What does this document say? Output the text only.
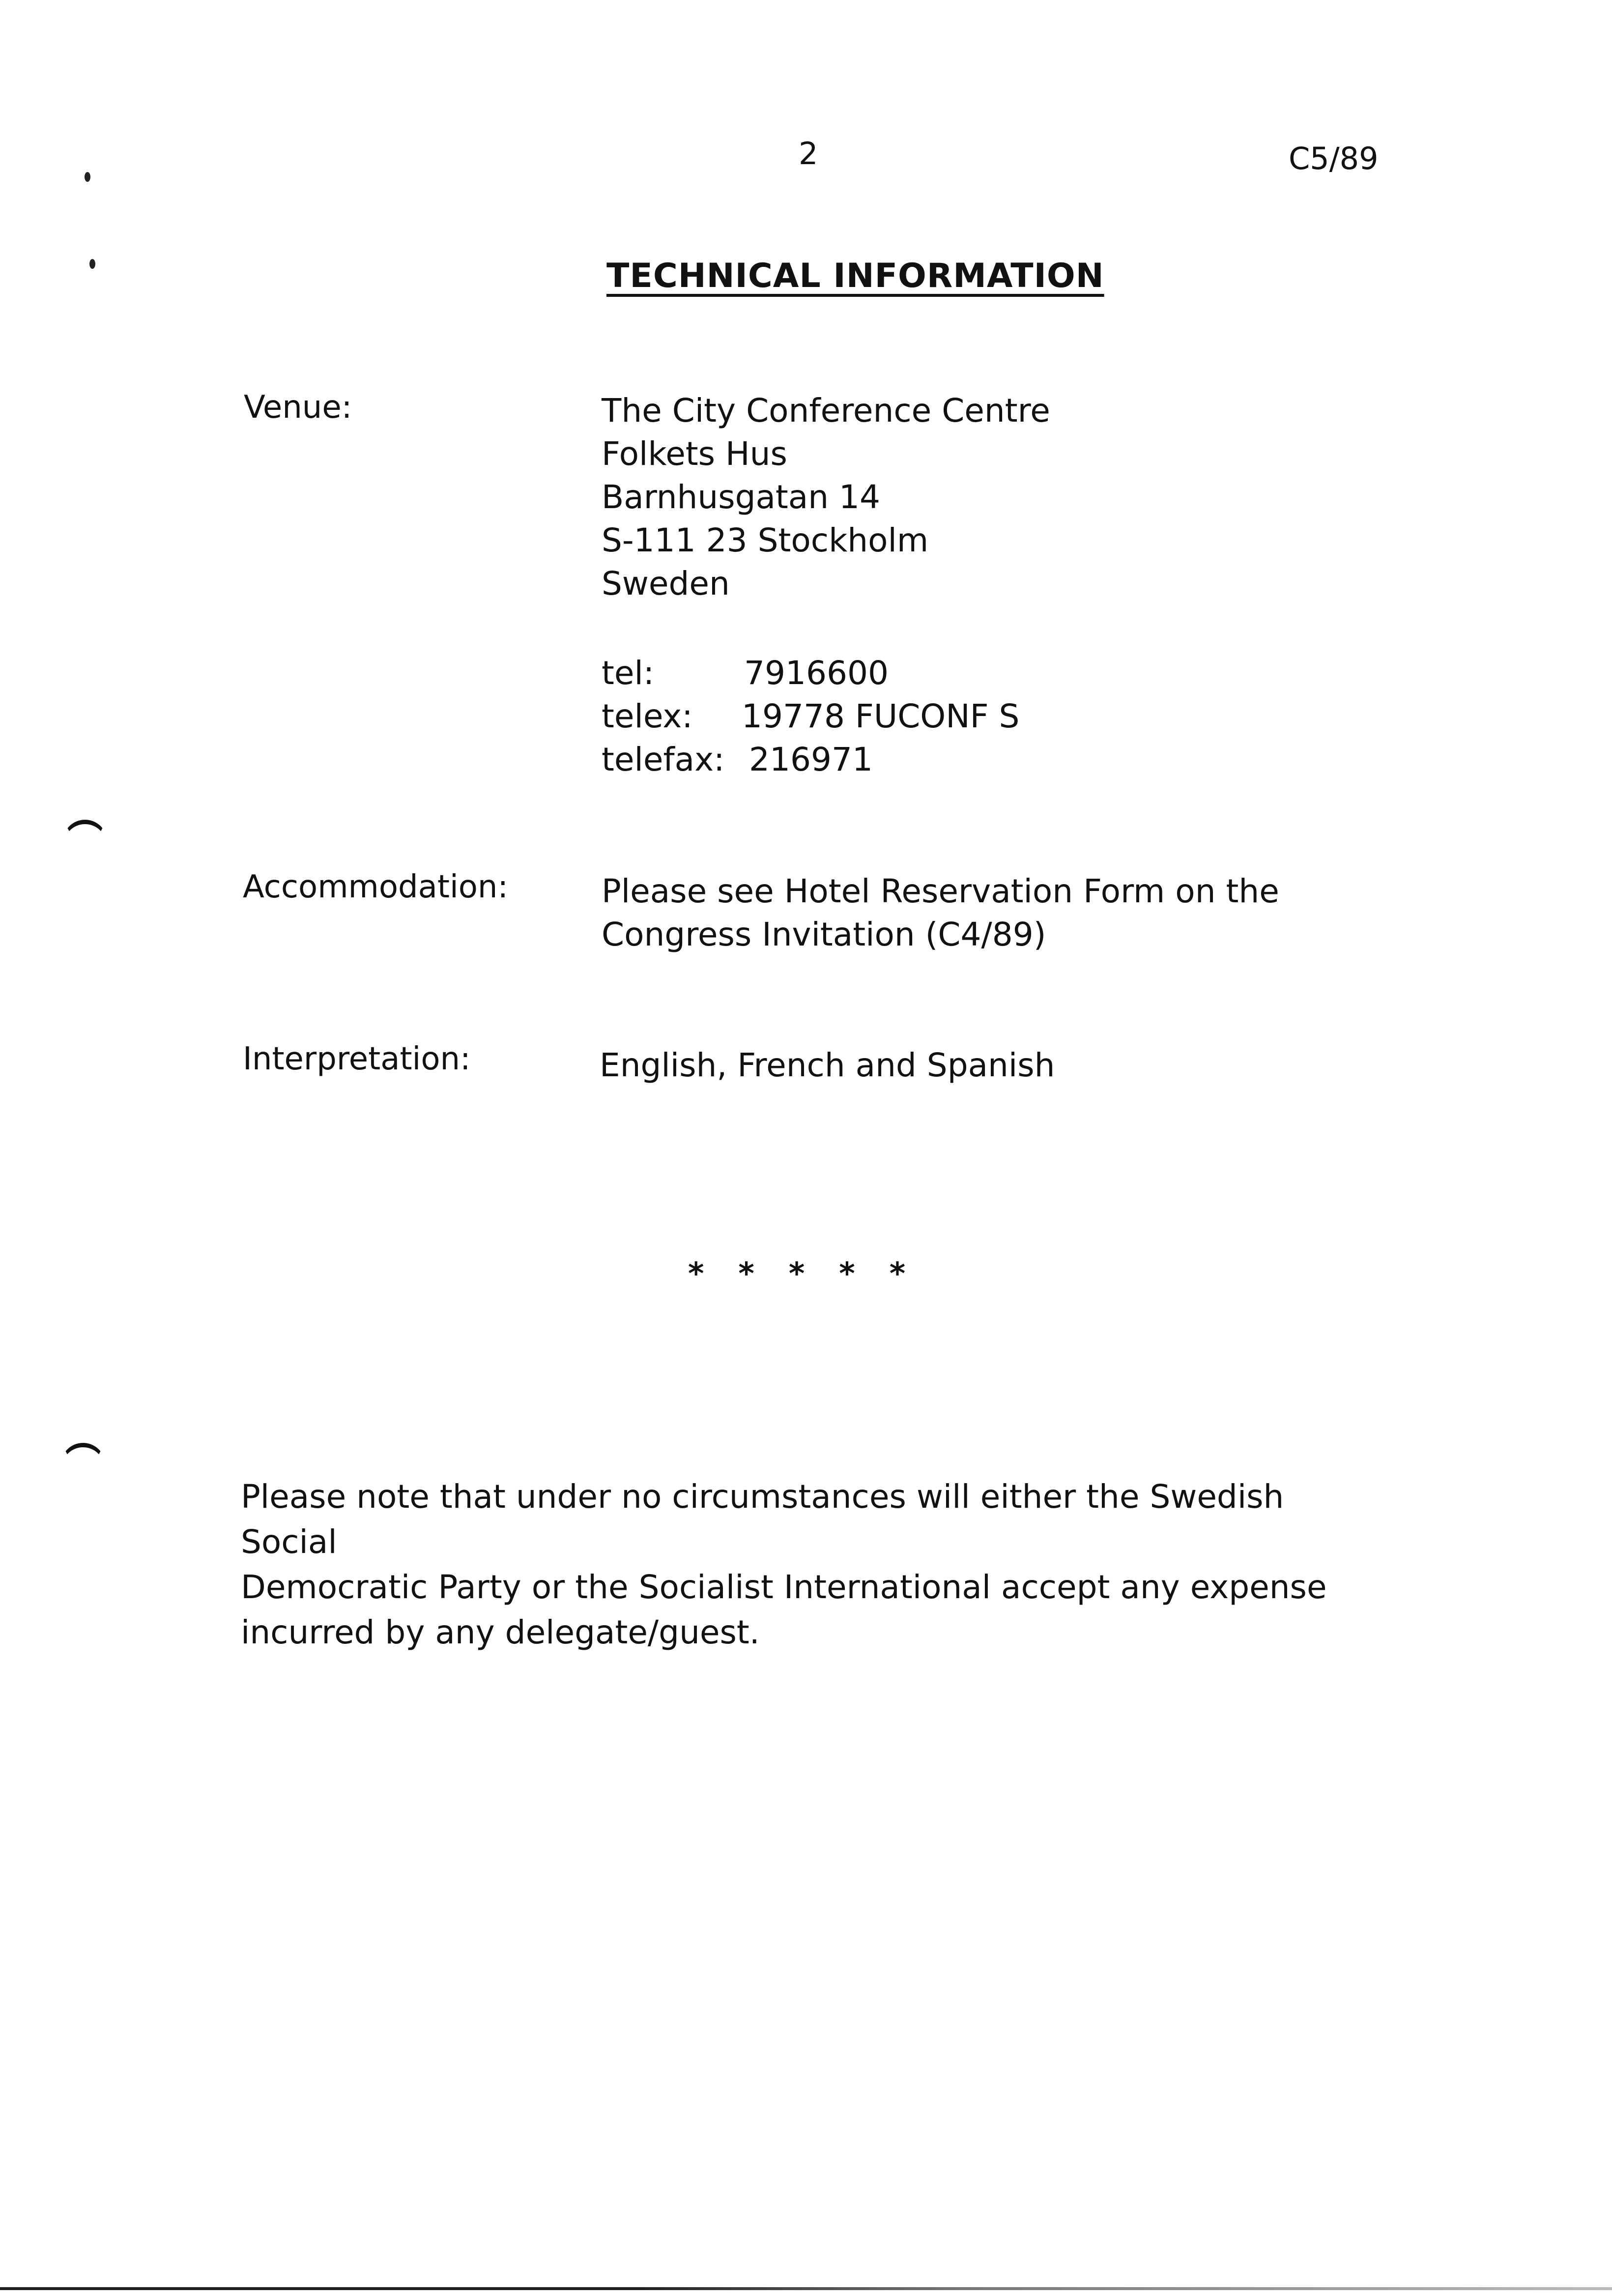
2	C5/89
TECHNICAL INFORMATION
Venue:	The City Conference Centre
Folkets Hus
Barnhusgatan 14
S-111 23 Stockholm
Sweden
tel:	7916600
telex: 19778 FUCONF S
telefax: 216971
Accommodation:	Please see Hotel Reservation Form on the Congress Invitation (C4/89)
Interpretation:	English, French and Spanish
*****
Please note that under no circumstances will either the Swedish Social
Democratic Party or the Socialist International accept any expense
incurred by any delegate/guest.
